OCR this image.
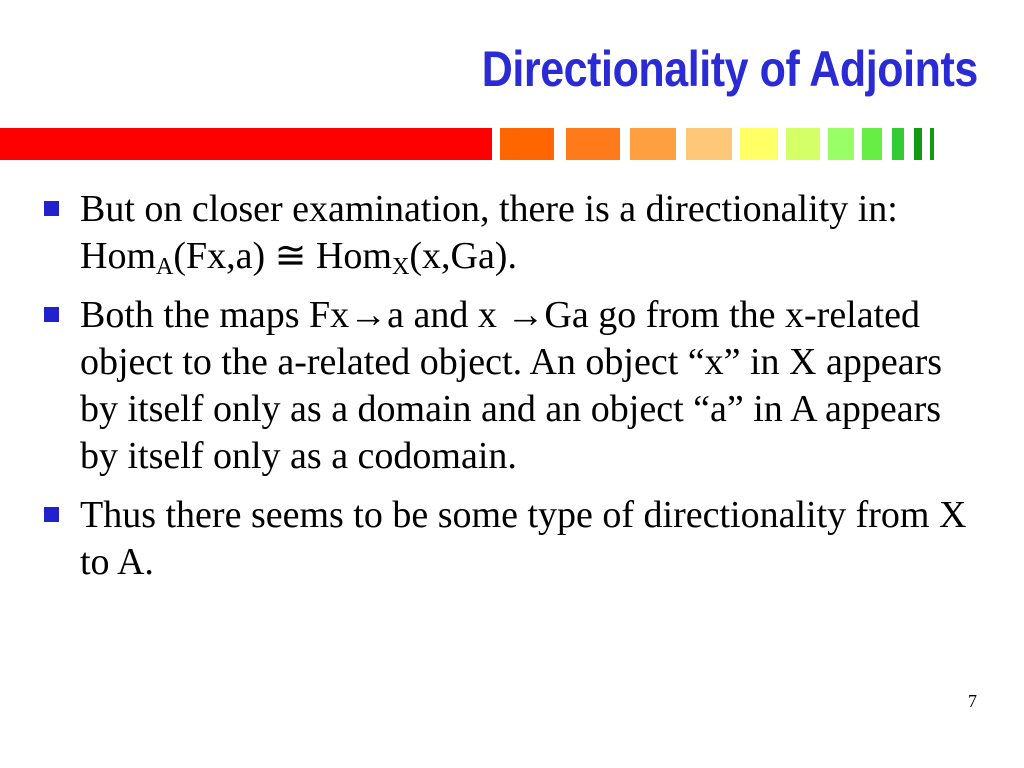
Directionality of Adjoints
But on closer examination, there is a directionality in: Hom$_A$(Fx,a) ≅ Hom$_X$(x,Ga).
Both the maps Fx→a and x →Ga go from the x-related object to the a-related object. An object “x” in X appears by itself only as a domain and an object “a” in A appears by itself only as a codomain.
Thus there seems to be some type of directionality from X to A.
7
